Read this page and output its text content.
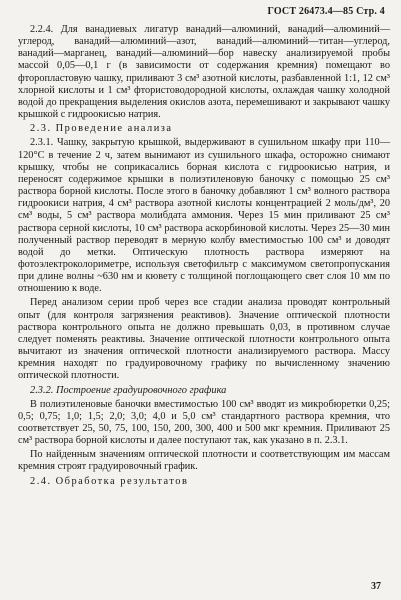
ГОСТ 26473.4—85 Стр. 4

2.2.4. Для ванадиевых лигатур ванадий—алюминий, ванадий—алюминий—углерод, ванадий—алюминий—азот, ванадий—алюминий—титан—углерод, ванадий—марганец, ванадий—алюминий—бор навеску анализируемой пробы массой 0,05—0,1 г (в зависимости от содержания кремния) помещают во фторопластовую чашку, приливают 3 см³ азотной кислоты, разбавленной 1:1, 12 см³ хлорной кислоты и 1 см³ фтористоводородной кислоты, охлаждая чашку холодной водой до прекращения выделения окислов азота, перемешивают и закрывают чашку крышкой с гидроокисью натрия.

2.3. Проведение анализа

2.3.1. Чашку, закрытую крышкой, выдерживают в сушильном шкафу при 110—120°С в течение 2 ч, затем вынимают из сушильного шкафа, осторожно снимают крышку, чтобы не соприкасались борная кислота с гидроокисью натрия, и переносят содержимое крышки в полиэтиленовую баночку с помощью 25 см³ раствора борной кислоты. После этого в баночку добавляют 1 см³ волного раствора гидроокиси натрия, 4 см³ раствора азотной кислоты концентрацией 2 моль/дм³, 20 см³ воды, 5 см³ раствора молибдата аммония. Через 15 мин приливают 25 см³ раствора серной кислоты, 10 см³ раствора аскорбиновой кислоты. Через 25—30 мин полученный раствор переводят в мерную колбу вместимостью 100 см³ и доводят водой до метки. Оптическую плотность раствора измеряют на фотоэлектроколориметре, используя светофильтр с максимумом светопропускания при длине волны ~630 нм и кювету с толщиной поглощающего свет слоя 10 мм по отношению к воде.

Перед анализом серии проб через все стадии анализа проводят контрольный опыт (для контроля загрязнения реактивов). Значение оптической плотности раствора контрольного опыта не должно превышать 0,03, в противном случае следует поменять реактивы. Значение оптической плотности контрольного опыта вычитают из значения оптической плотности анализируемого раствора. Массу кремния находят по градуировочному графику по вычисленному значению оптической плотности.

2.3.2. Построение градуировочного графика

В полиэтиленовые баночки вместимостью 100 см³ вводят из микробюретки 0,25; 0,5; 0,75; 1,0; 1,5; 2,0; 3,0; 4,0 и 5,0 см³ стандартного раствора кремния, что соответствует 25, 50, 75, 100, 150, 200, 300, 400 и 500 мкг кремния. Приливают 25 см³ раствора борной кислоты и далее поступают так, как указано в п. 2.3.1.

По найденным значениям оптической плотности и соответствующим им массам кремния строят градуировочный график.

2.4. Обработка результатов
37
